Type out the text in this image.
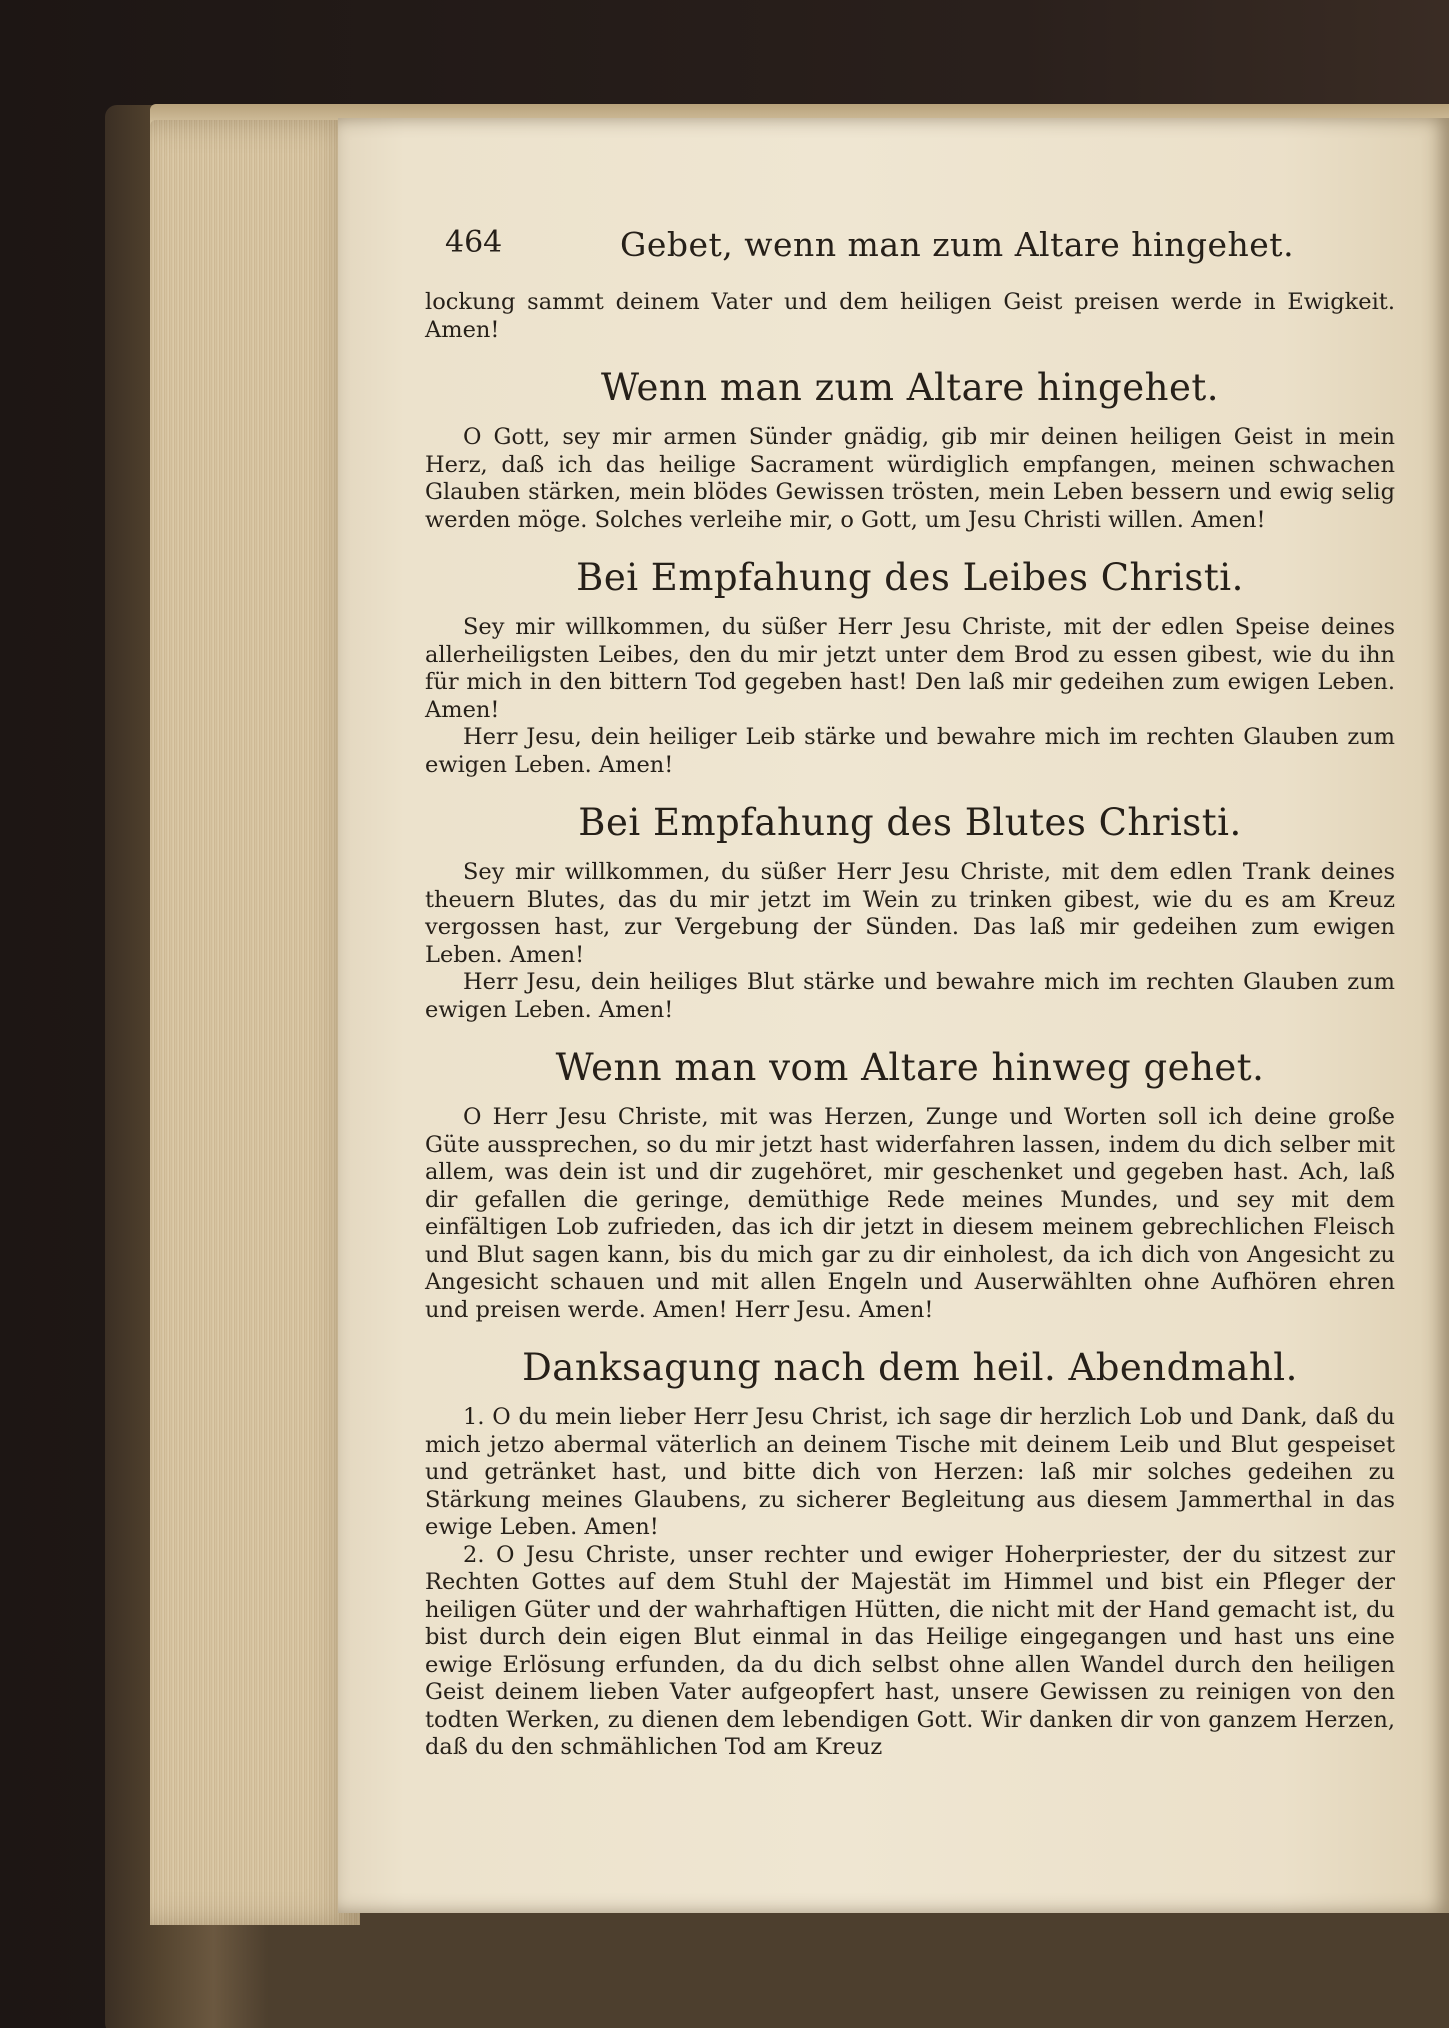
464	Gebet, wenn man zum Altare hingehet.

lockung sammt deinem Vater und dem heiligen Geist preisen werde in Ewigkeit. Amen!

Wenn man zum Altare hingehet.

O Gott, sey mir armen Sünder gnädig, gib mir deinen heiligen Geist in mein Herz, daß ich das heilige Sacrament würdiglich empfangen, meinen schwachen Glauben stärken, mein blödes Gewissen trösten, mein Leben bessern und ewig selig werden möge. Solches verleihe mir, o Gott, um Jesu Christi willen. Amen!

Bei Empfahung des Leibes Christi.

Sey mir willkommen, du süßer Herr Jesu Christe, mit der edlen Speise deines allerheiligsten Leibes, den du mir jetzt unter dem Brod zu essen gibest, wie du ihn für mich in den bittern Tod gegeben hast! Den laß mir gedeihen zum ewigen Leben. Amen!

Herr Jesu, dein heiliger Leib stärke und bewahre mich im rechten Glauben zum ewigen Leben. Amen!

Bei Empfahung des Blutes Christi.

Sey mir willkommen, du süßer Herr Jesu Christe, mit dem edlen Trank deines theuern Blutes, das du mir jetzt im Wein zu trinken gibest, wie du es am Kreuz vergossen hast, zur Vergebung der Sünden. Das laß mir gedeihen zum ewigen Leben. Amen!

Herr Jesu, dein heiliges Blut stärke und bewahre mich im rechten Glauben zum ewigen Leben. Amen!

Wenn man vom Altare hinweg gehet.

O Herr Jesu Christe, mit was Herzen, Zunge und Worten soll ich deine große Güte aussprechen, so du mir jetzt hast widerfahren lassen, indem du dich selber mit allem, was dein ist und dir zugehöret, mir geschenket und gegeben hast. Ach, laß dir gefallen die geringe, demüthige Rede meines Mundes, und sey mit dem einfältigen Lob zufrieden, das ich dir jetzt in diesem meinem gebrechlichen Fleisch und Blut sagen kann, bis du mich gar zu dir einholest, da ich dich von Angesicht zu Angesicht schauen und mit allen Engeln und Auserwählten ohne Aufhören ehren und preisen werde. Amen! Herr Jesu. Amen!

Danksagung nach dem heil. Abendmahl.

1. O du mein lieber Herr Jesu Christ, ich sage dir herzlich Lob und Dank, daß du mich jetzo abermal väterlich an deinem Tische mit deinem Leib und Blut gespeiset und getränket hast, und bitte dich von Herzen: laß mir solches gedeihen zu Stärkung meines Glaubens, zu sicherer Begleitung aus diesem Jammerthal in das ewige Leben. Amen!

2. O Jesu Christe, unser rechter und ewiger Hoherpriester, der du sitzest zur Rechten Gottes auf dem Stuhl der Majestät im Himmel und bist ein Pfleger der heiligen Güter und der wahrhaftigen Hütten, die nicht mit der Hand gemacht ist, du bist durch dein eigen Blut einmal in das Heilige eingegangen und hast uns eine ewige Erlösung erfunden, da du dich selbst ohne allen Wandel durch den heiligen Geist deinem lieben Vater aufgeopfert hast, unsere Gewissen zu reinigen von den todten Werken, zu dienen dem lebendigen Gott. Wir danken dir von ganzem Herzen, daß du den schmählichen Tod am Kreuz
